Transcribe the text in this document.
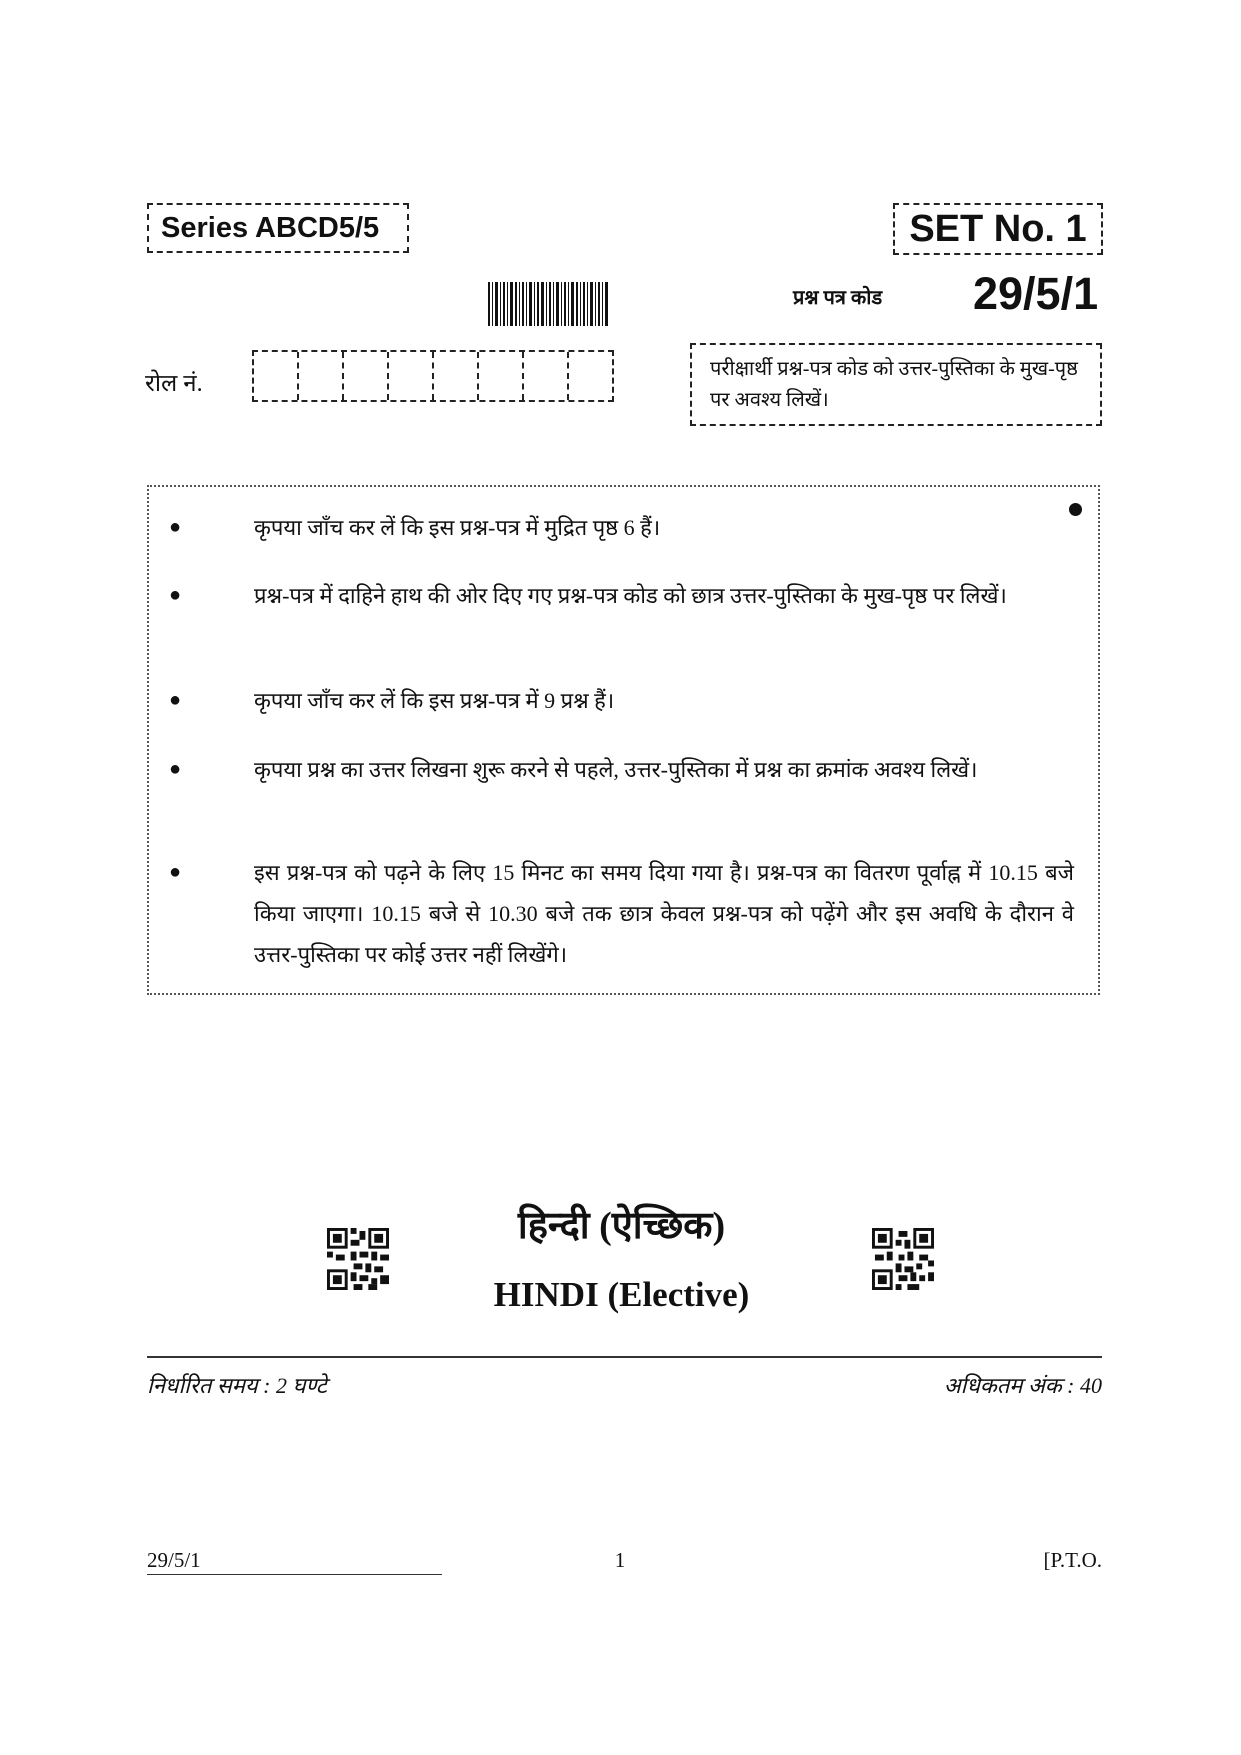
Series ABCD5/5	SET No. 1
प्रश्न पत्र कोड 29/5/1
रोल नं.
परीक्षार्थी प्रश्न-पत्र कोड को उत्तर-पुस्तिका के मुख-पृष्ठ पर अवश्य लिखें।
●	कृपया जाँच कर लें कि इस प्रश्न-पत्र में मुद्रित पृष्ठ 6 हैं।
●	प्रश्न-पत्र में दाहिने हाथ की ओर दिए गए प्रश्न-पत्र कोड को छात्र उत्तर-पुस्तिका के मुख-पृष्ठ पर लिखें।
●	कृपया जाँच कर लें कि इस प्रश्न-पत्र में 9 प्रश्न हैं।
●	कृपया प्रश्न का उत्तर लिखना शुरू करने से पहले, उत्तर-पुस्तिका में प्रश्न का क्रमांक अवश्य लिखें।
●	इस प्रश्न-पत्र को पढ़ने के लिए 15 मिनट का समय दिया गया है। प्रश्न-पत्र का वितरण पूर्वाह्न में 10.15 बजे किया जाएगा। 10.15 बजे से 10.30 बजे तक छात्र केवल प्रश्न-पत्र को पढ़ेंगे और इस अवधि के दौरान वे उत्तर-पुस्तिका पर कोई उत्तर नहीं लिखेंगे।
हिन्दी (ऐच्छिक)
HINDI (Elective)
निर्धारित समय : 2 घण्टे	अधिकतम अंक : 40
29/5/1	1	[P.T.O.
